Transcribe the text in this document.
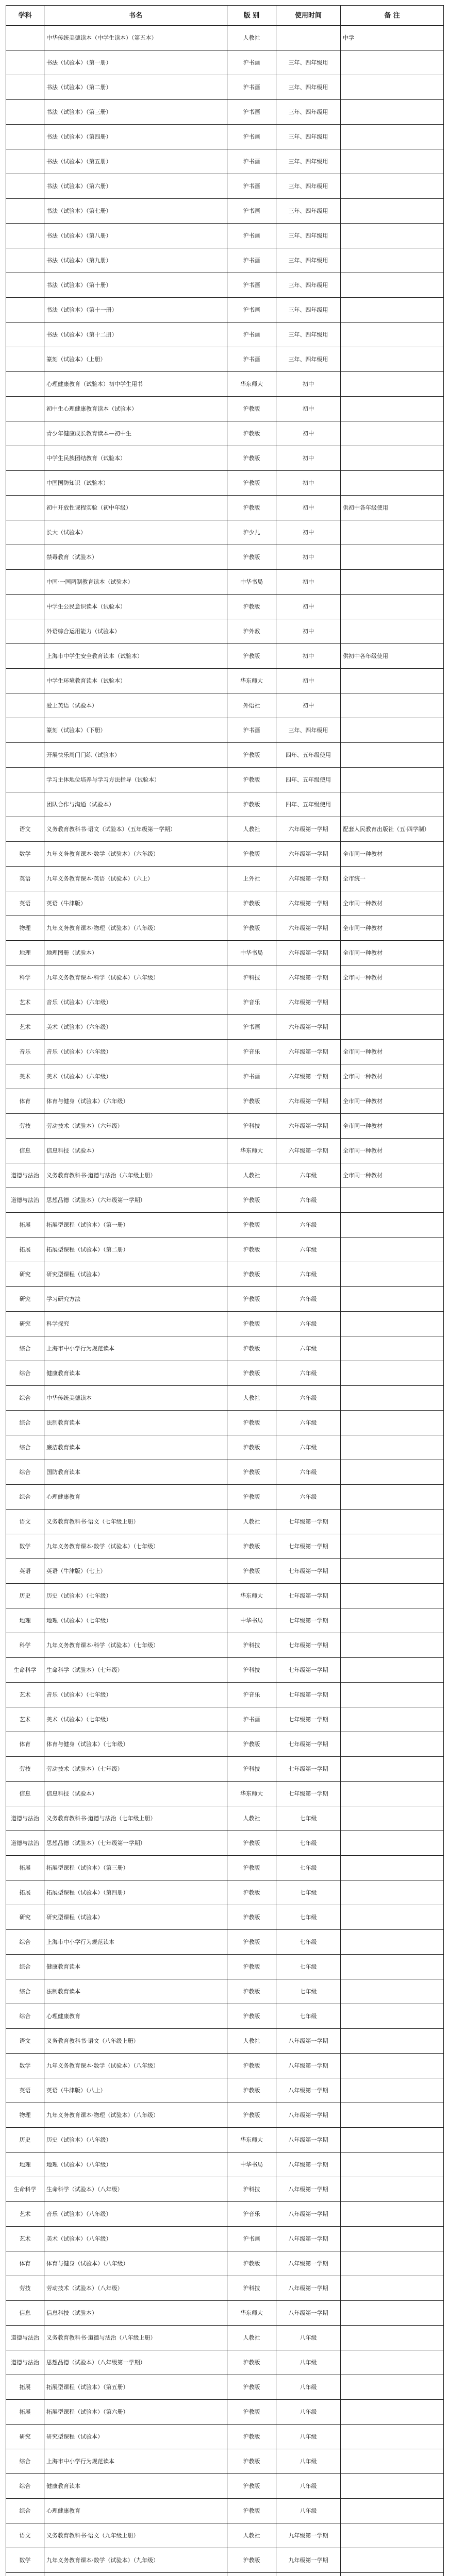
学科	书名	版 别	使用时间	备 注
	中华传统美德读本（中学生读本）（第五本）	人教社		中学
	书法（试验本）（第一册）	沪书画	三年、四年级用	
	书法（试验本）（第二册）	沪书画	三年、四年级用	
	书法（试验本）（第三册）	沪书画	三年、四年级用	
	书法（试验本）（第四册）	沪书画	三年、四年级用	
	书法（试验本）（第五册）	沪书画	三年、四年级用	
	书法（试验本）（第六册）	沪书画	三年、四年级用	
	书法（试验本）（第七册）	沪书画	三年、四年级用	
	书法（试验本）（第八册）	沪书画	三年、四年级用	
	书法（试验本）（第九册）	沪书画	三年、四年级用	
	书法（试验本）（第十册）	沪书画	三年、四年级用	
	书法（试验本）（第十一册）	沪书画	三年、四年级用	
	书法（试验本）（第十二册）	沪书画	三年、四年级用	
	篆刻（试验本）（上册）	沪书画	三年、四年级用	
	心理健康教育（试验本）初中学生用书	华东师大	初中	
	初中生心理健康教育读本（试验本）	沪教版	初中	
	青少年健康成长教育读本—初中生	沪教版	初中	
	中学生民族团结教育（试验本）	沪教版	初中	
	中国国防知识（试验本）	沪教版	初中	
	初中开放性课程实验（初中年级）	沪教版	初中	供初中各年级使用
	长大（试验本）	沪少儿	初中	
	禁毒教育（试验本）	沪教版	初中	
	中国·一国两制教育读本（试验本）	中华书局	初中	
	中学生公民意识读本（试验本）	沪教版	初中	
	外语综合运用能力（试验本）	沪外教	初中	
	上海市中学生安全教育读本（试验本）	沪教版	初中	供初中各年级使用
	中学生环境教育读本（试验本）	华东师大	初中	
	爱上英语（试验本）	外语社	初中	
	篆刻（试验本）（下册）	沪书画	三年、四年级用	
	开展快乐周门门练（试验本）	沪教版	四年、五年级使用	
	学习主体地位培养与学习方法指导（试验本）	沪教版	四年、五年级使用	
	团队合作与沟通（试验本）	沪教版	四年、五年级使用	
语文	义务教育教科书·语文（试验本）（五年级第一学期）	人教社	六年级第一学期	配套人民教育出版社（五·四学制）
数学	九年义务教育课本·数学（试验本）（六年级）	沪教版	六年级第一学期	全市同一种教材
英语	九年义务教育课本·英语（试验本）（六上）	上外社	六年级第一学期	全市统一
英语	英语（牛津版）	沪教版	六年级第一学期	全市同一种教材
物理	九年义务教育课本·物理（试验本）（八年级）	沪教版	六年级第一学期	全市同一种教材
地理	地理图册（试验本）	中华书局	六年级第一学期	全市同一种教材
科学	九年义务教育课本·科学（试验本）（六年级）	沪科技	六年级第一学期	全市同一种教材
艺术	音乐（试验本）（六年级）	沪音乐	六年级第一学期	
艺术	美术（试验本）（六年级）	沪书画	六年级第一学期	
音乐	音乐（试验本）（六年级）	沪音乐	六年级第一学期	全市同一种教材
美术	美术（试验本）（六年级）	沪书画	六年级第一学期	全市同一种教材
体育	体育与健身（试验本）（六年级）	沪教版	六年级第一学期	全市同一种教材
劳技	劳动技术（试验本）（六年级）	沪科技	六年级第一学期	全市同一种教材
信息	信息科技（试验本）	华东师大	六年级第一学期	全市同一种教材
道德与法治	义务教育教科书·道德与法治（六年级上册）	人教社	六年级	全市同一种教材
道德与法治	思想品德（试验本）（六年级第一学期）	沪教版	六年级	
拓展	拓展型课程（试验本）（第一册）	沪教版	六年级	
拓展	拓展型课程（试验本）（第二册）	沪教版	六年级	
研究	研究型课程（试验本）	沪教版	六年级	
研究	学习研究方法	沪教版	六年级	
研究	科学探究	沪教版	六年级	
综合	上海市中小学行为规范读本	沪教版	六年级	
综合	健康教育读本	沪教版	六年级	
综合	中华传统美德读本	人教社	六年级	
综合	法制教育读本	沪教版	六年级	
综合	廉洁教育读本	沪教版	六年级	
综合	国防教育读本	沪教版	六年级	
综合	心理健康教育	沪教版	六年级	
语文	义务教育教科书·语文（七年级上册）	人教社	七年级第一学期	
数学	九年义务教育课本·数学（试验本）（七年级）	沪教版	七年级第一学期	
英语	英语（牛津版）（七上）	沪教版	七年级第一学期	
历史	历史（试验本）（七年级）	华东师大	七年级第一学期	
地理	地理（试验本）（七年级）	中华书局	七年级第一学期	
科学	九年义务教育课本·科学（试验本）（七年级）	沪科技	七年级第一学期	
生命科学	生命科学（试验本）（七年级）	沪科技	七年级第一学期	
艺术	音乐（试验本）（七年级）	沪音乐	七年级第一学期	
艺术	美术（试验本）（七年级）	沪书画	七年级第一学期	
体育	体育与健身（试验本）（七年级）	沪教版	七年级第一学期	
劳技	劳动技术（试验本）（七年级）	沪科技	七年级第一学期	
信息	信息科技（试验本）	华东师大	七年级第一学期	
道德与法治	义务教育教科书·道德与法治（七年级上册）	人教社	七年级	
道德与法治	思想品德（试验本）（七年级第一学期）	沪教版	七年级	
拓展	拓展型课程（试验本）（第三册）	沪教版	七年级	
拓展	拓展型课程（试验本）（第四册）	沪教版	七年级	
研究	研究型课程（试验本）	沪教版	七年级	
综合	上海市中小学行为规范读本	沪教版	七年级	
综合	健康教育读本	沪教版	七年级	
综合	法制教育读本	沪教版	七年级	
综合	心理健康教育	沪教版	七年级	
语文	义务教育教科书·语文（八年级上册）	人教社	八年级第一学期	
数学	九年义务教育课本·数学（试验本）（八年级）	沪教版	八年级第一学期	
英语	英语（牛津版）（八上）	沪教版	八年级第一学期	
物理	九年义务教育课本·物理（试验本）（八年级）	沪教版	八年级第一学期	
历史	历史（试验本）（八年级）	华东师大	八年级第一学期	
地理	地理（试验本）（八年级）	中华书局	八年级第一学期	
生命科学	生命科学（试验本）（八年级）	沪科技	八年级第一学期	
艺术	音乐（试验本）（八年级）	沪音乐	八年级第一学期	
艺术	美术（试验本）（八年级）	沪书画	八年级第一学期	
体育	体育与健身（试验本）（八年级）	沪教版	八年级第一学期	
劳技	劳动技术（试验本）（八年级）	沪科技	八年级第一学期	
信息	信息科技（试验本）	华东师大	八年级第一学期	
道德与法治	义务教育教科书·道德与法治（八年级上册）	人教社	八年级	
道德与法治	思想品德（试验本）（八年级第一学期）	沪教版	八年级	
拓展	拓展型课程（试验本）（第五册）	沪教版	八年级	
拓展	拓展型课程（试验本）（第六册）	沪教版	八年级	
研究	研究型课程（试验本）	沪教版	八年级	
综合	上海市中小学行为规范读本	沪教版	八年级	
综合	健康教育读本	沪教版	八年级	
综合	心理健康教育	沪教版	八年级	
语文	义务教育教科书·语文（九年级上册）	人教社	九年级第一学期	
数学	九年义务教育课本·数学（试验本）（九年级）	沪教版	九年级第一学期	
